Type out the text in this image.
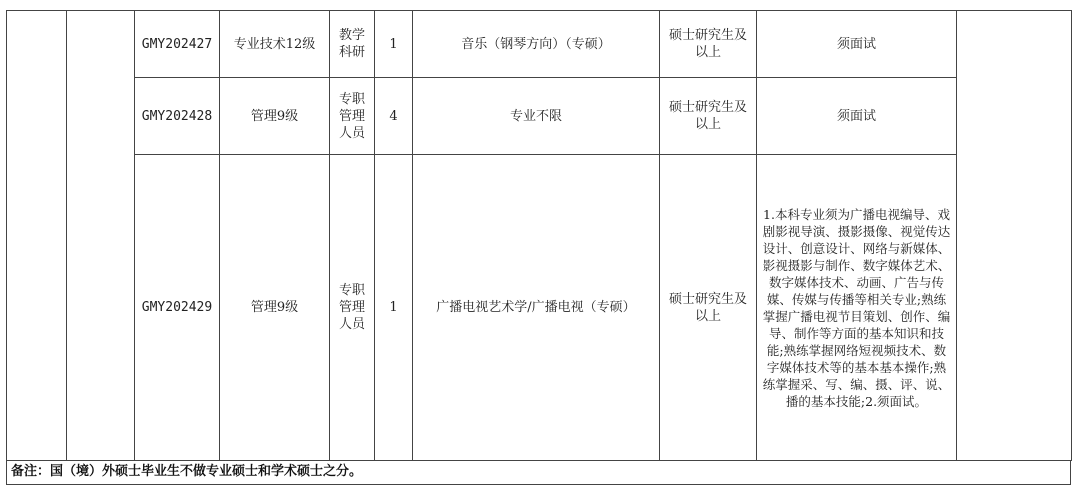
		GMY202427	专业技术12级	教学科研	1	音乐（钢琴方向）（专硕）	硕士研究生及以上	须面试	
		GMY202428	管理9级	专职管理人员	4	专业不限	硕士研究生及以上	须面试	
		GMY202429	管理9级	专职管理人员	1	广播电视艺术学/广播电视（专硕）	硕士研究生及以上	1.本科专业须为广播电视编导、戏剧影视导演、摄影摄像、视觉传达设计、创意设计、网络与新媒体、影视摄影与制作、数字媒体艺术、数字媒体技术、动画、广告与传媒、传媒与传播等相关专业;熟练掌握广播电视节目策划、创作、编导、制作等方面的基本知识和技能;熟练掌握网络短视频技术、数字媒体技术等的基本基本操作;熟练掌握采、写、编、摄、评、说、播的基本技能;2.须面试。	
备注：国（境）外硕士毕业生不做专业硕士和学术硕士之分。
